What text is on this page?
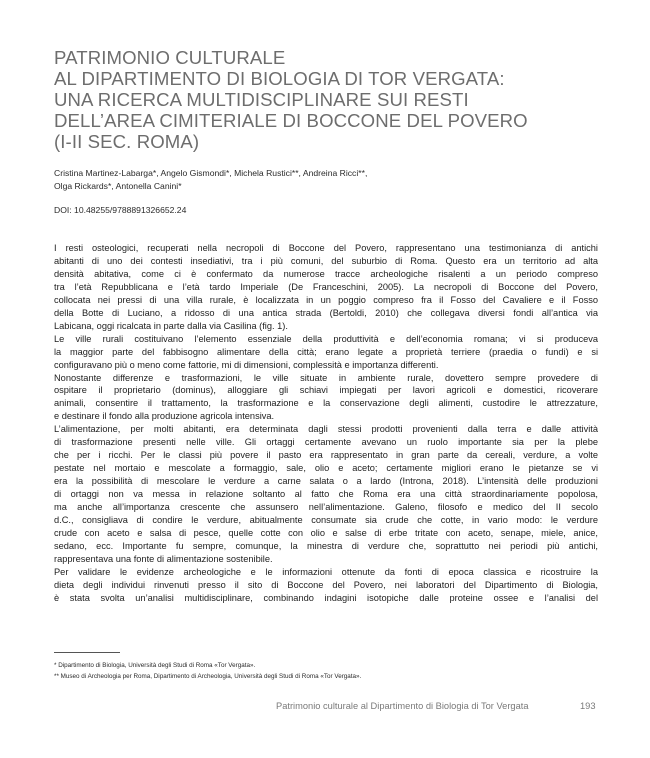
PATRIMONIO CULTURALE
AL DIPARTIMENTO DI BIOLOGIA DI TOR VERGATA:
UNA RICERCA MULTIDISCIPLINARE SUI RESTI
DELL’AREA CIMITERIALE DI BOCCONE DEL POVERO
(I-II SEC. ROMA)
Cristina Martinez-Labarga*, Angelo Gismondi*, Michela Rustici**, Andreina Ricci**,
Olga Rickards*, Antonella Canini*
DOI: 10.48255/9788891326652.24
I resti osteologici, recuperati nella necropoli di Boccone del Povero, rappresentano una testimonianza di antichi
abitanti di uno dei contesti insediativi, tra i più comuni, del suburbio di Roma. Questo era un territorio ad alta
densità abitativa, come ci è confermato da numerose tracce archeologiche risalenti a un periodo compreso
tra l’età Repubblicana e l’età tardo Imperiale (De Franceschini, 2005). La necropoli di Boccone del Povero,
collocata nei pressi di una villa rurale, è localizzata in un poggio compreso fra il Fosso del Cavaliere e il Fosso
della Botte di Luciano, a ridosso di una antica strada (Bertoldi, 2010) che collegava diversi fondi all’antica via
Labicana, oggi ricalcata in parte dalla via Casilina (fig. 1).
Le ville rurali costituivano l’elemento essenziale della produttività e dell’economia romana; vi si produceva
la maggior parte del fabbisogno alimentare della città; erano legate a proprietà terriere (praedia o fundi) e si
configuravano più o meno come fattorie, mi di dimensioni, complessità e importanza differenti.
Nonostante differenze e trasformazioni, le ville situate in ambiente rurale, dovettero sempre provedere di
ospitare il proprietario (dominus), alloggiare gli schiavi impiegati per lavori agricoli e domestici, ricoverare
animali, consentire il trattamento, la trasformazione e la conservazione degli alimenti, custodire le attrezzature,
e destinare il fondo alla produzione agricola intensiva.
L’alimentazione, per molti abitanti, era determinata dagli stessi prodotti provenienti dalla terra e dalle attività
di trasformazione presenti nelle ville. Gli ortaggi certamente avevano un ruolo importante sia per la plebe
che per i ricchi. Per le classi più povere il pasto era rappresentato in gran parte da cereali, verdure, a volte
pestate nel mortaio e mescolate a formaggio, sale, olio e aceto; certamente migliori erano le pietanze se vi
era la possibilità di mescolare le verdure a carne salata o a lardo (Introna, 2018). L’intensità delle produzioni
di ortaggi non va messa in relazione soltanto al fatto che Roma era una città straordinariamente popolosa,
ma anche all’importanza crescente che assunsero nell’alimentazione. Galeno, filosofo e medico del II secolo
d.C., consigliava di condire le verdure, abitualmente consumate sia crude che cotte, in vario modo: le verdure
crude con aceto e salsa di pesce, quelle cotte con olio e salse di erbe tritate con aceto, senape, miele, anice,
sedano, ecc. Importante fu sempre, comunque, la minestra di verdure che, soprattutto nei periodi più antichi,
rappresentava una fonte di alimentazione sostenibile.
Per validare le evidenze archeologiche e le informazioni ottenute da fonti di epoca classica e ricostruire la
dieta degli individui rinvenuti presso il sito di Boccone del Povero, nei laboratori del Dipartimento di Biologia,
è stata svolta un’analisi multidisciplinare, combinando indagini isotopiche dalle proteine ossee e l’analisi del
* Dipartimento di Biologia, Università degli Studi di Roma «Tor Vergata».
** Museo di Archeologia per Roma, Dipartimento di Archeologia, Università degli Studi di Roma «Tor Vergata».
Patrimonio culturale al Dipartimento di Biologia di Tor Vergata	193
